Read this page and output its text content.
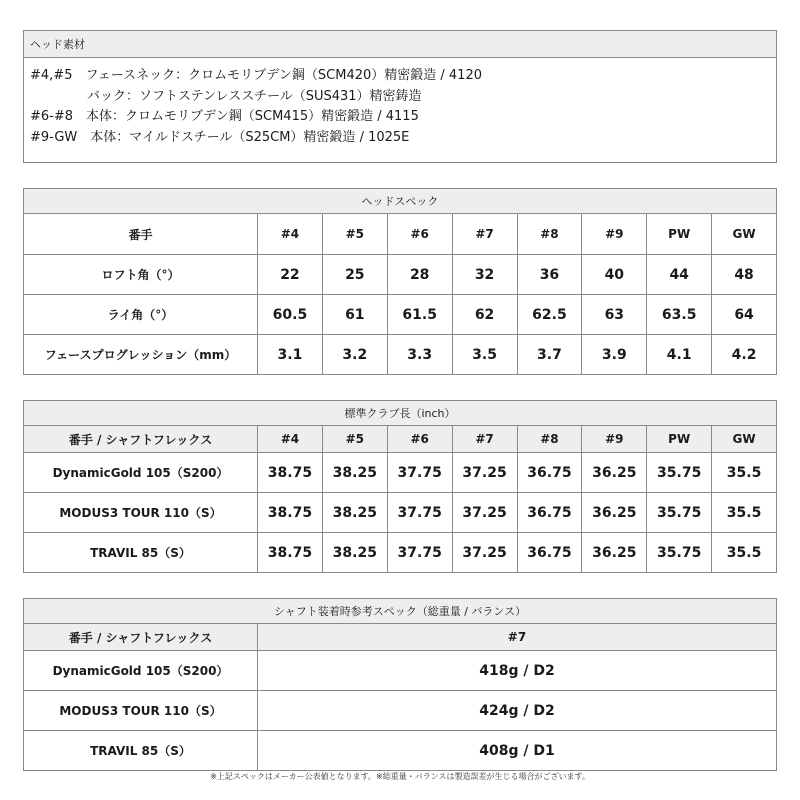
ヘッド素材
#4,#5　フェースネック：クロムモリブデン鋼（SCM420）精密鍛造 / 4120
バック：ソフトステンレススチール（SUS431）精密鋳造
#6-#8　本体：クロムモリブデン鋼（SCM415）精密鍛造 / 4115
#9-GW　本体：マイルドスチール（S25CM）精密鍛造 / 1025E
ヘッドスペック								
番手	#4	#5	#6	#7	#8	#9	PW	GW
ロフト角（°）	22	25	28	32	36	40	44	48
ライ角（°）	60.5	61	61.5	62	62.5	63	63.5	64
フェースプログレッション（mm）	3.1	3.2	3.3	3.5	3.7	3.9	4.1	4.2
標準クラブ長（inch）								
番手 / シャフトフレックス	#4	#5	#6	#7	#8	#9	PW	GW
DynamicGold 105（S200）	38.75	38.25	37.75	37.25	36.75	36.25	35.75	35.5
MODUS3 TOUR 110（S）	38.75	38.25	37.75	37.25	36.75	36.25	35.75	35.5
TRAVIL 85（S）	38.75	38.25	37.75	37.25	36.75	36.25	35.75	35.5
シャフト装着時参考スペック（総重量 / バランス）	
番手 / シャフトフレックス	#7
DynamicGold 105（S200）	418g / D2
MODUS3 TOUR 110（S）	424g / D2
TRAVIL 85（S）	408g / D1
※上記スペックはメーカー公表値となります。※総重量・バランスは製造誤差が生じる場合がございます。
